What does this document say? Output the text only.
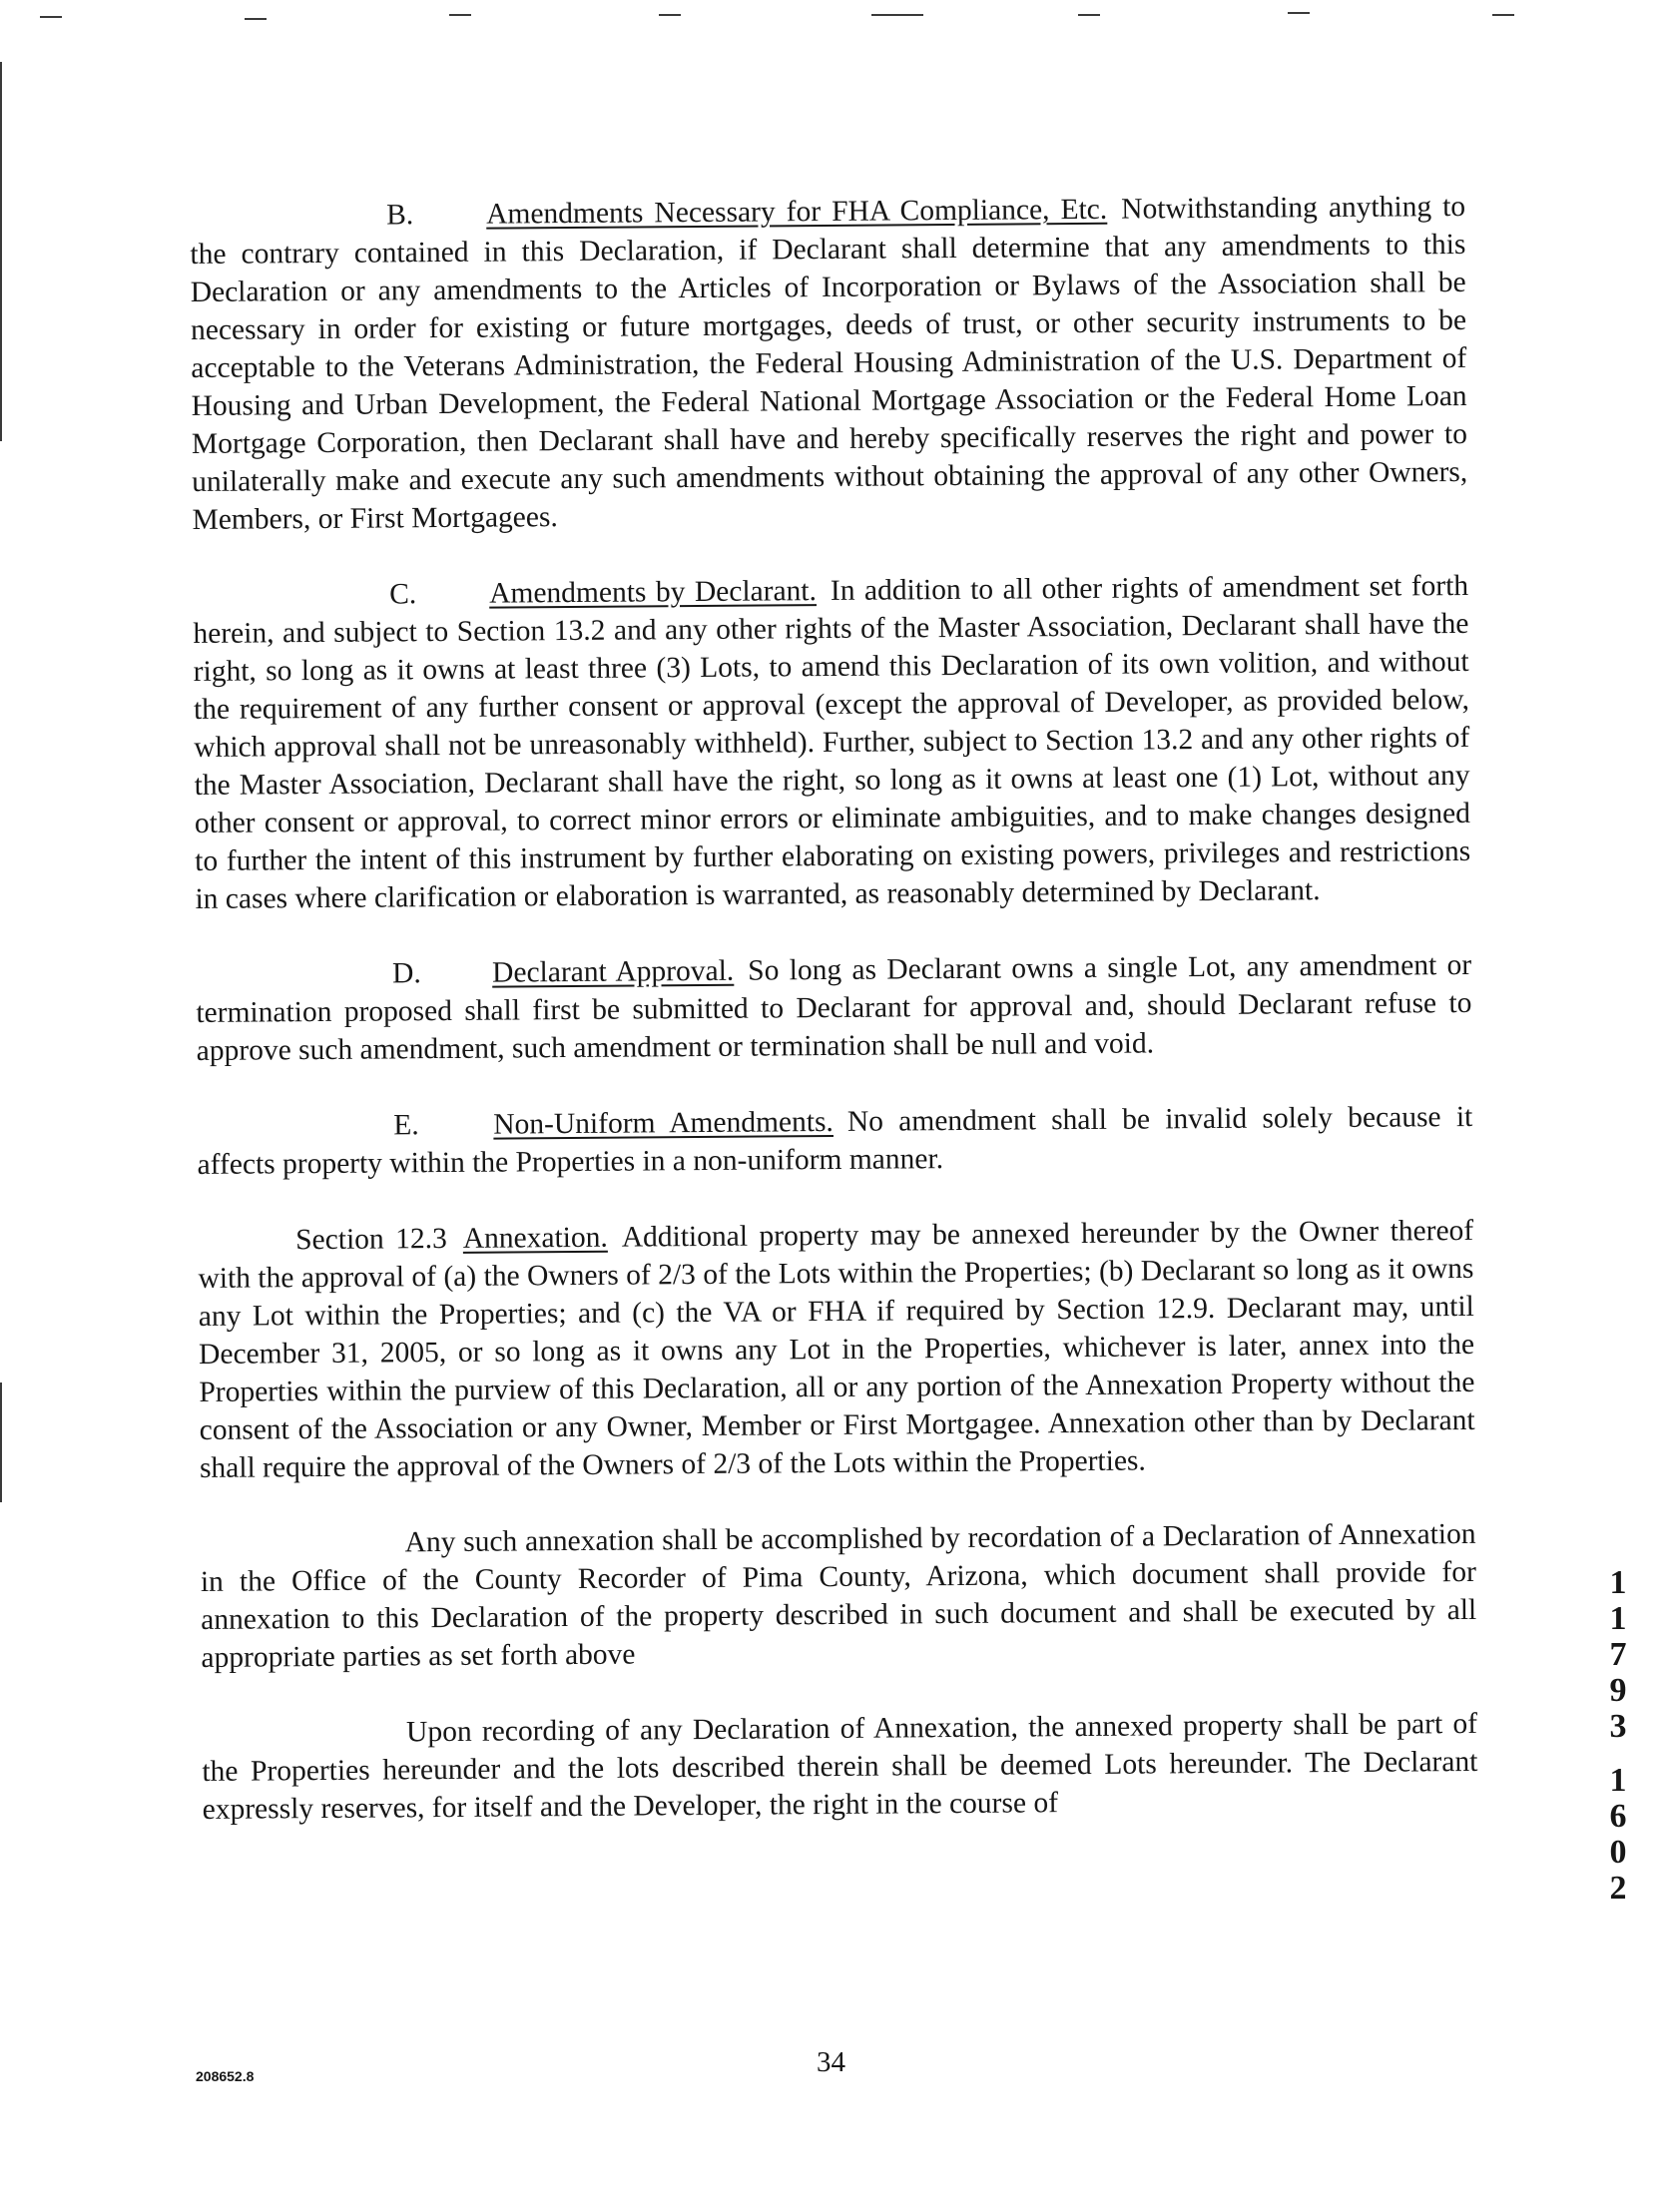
B. Amendments Necessary for FHA Compliance, Etc. Notwithstanding anything to the contrary contained in this Declaration, if Declarant shall determine that any amendments to this Declaration or any amendments to the Articles of Incorporation or Bylaws of the Association shall be necessary in order for existing or future mortgages, deeds of trust, or other security instruments to be acceptable to the Veterans Administration, the Federal Housing Administration of the U.S. Department of Housing and Urban Development, the Federal National Mortgage Association or the Federal Home Loan Mortgage Corporation, then Declarant shall have and hereby specifically reserves the right and power to unilaterally make and execute any such amendments without obtaining the approval of any other Owners, Members, or First Mortgagees.

C. Amendments by Declarant. In addition to all other rights of amendment set forth herein, and subject to Section 13.2 and any other rights of the Master Association, Declarant shall have the right, so long as it owns at least three (3) Lots, to amend this Declaration of its own volition, and without the requirement of any further consent or approval (except the approval of Developer, as provided below, which approval shall not be unreasonably withheld). Further, subject to Section 13.2 and any other rights of the Master Association, Declarant shall have the right, so long as it owns at least one (1) Lot, without any other consent or approval, to correct minor errors or eliminate ambiguities, and to make changes designed to further the intent of this instrument by further elaborating on existing powers, privileges and restrictions in cases where clarification or elaboration is warranted, as reasonably determined by Declarant.

D. Declarant Approval. So long as Declarant owns a single Lot, any amendment or termination proposed shall first be submitted to Declarant for approval and, should Declarant refuse to approve such amendment, such amendment or termination shall be null and void.

E.	Non-Uniform Amendments. No amendment shall be invalid solely because it affects property within the Properties in a non-uniform manner.

Section 12.3 Annexation. Additional property may be annexed hereunder by the Owner thereof with the approval of (a) the Owners of 2/3 of the Lots within the Properties; (b) Declarant so long as it owns any Lot within the Properties; and (c) the VA or FHA if required by Section 12.9. Declarant may, until December 31, 2005, or so long as it owns any Lot in the Properties, whichever is later, annex into the Properties within the purview of this Declaration, all or any portion of the Annexation Property without the consent of the Association or any Owner, Member or First Mortgagee. Annexation other than by Declarant shall require the approval of the Owners of 2/3 of the Lots within the Properties.

Any such annexation shall be accomplished by recordation of a Declaration of Annexation in the Office of the County Recorder of Pima County, Arizona, which document shall provide for annexation to this Declaration of the property described in such document and shall be executed by all appropriate parties as set forth above

Upon recording of any Declaration of Annexation, the annexed property shall be part of the Properties hereunder and the lots described therein shall be deemed Lots hereunder. The Declarant expressly reserves, for itself and the Developer, the right in the course of

34
208652.8
1
1
7
9
3
1
6
0
2
